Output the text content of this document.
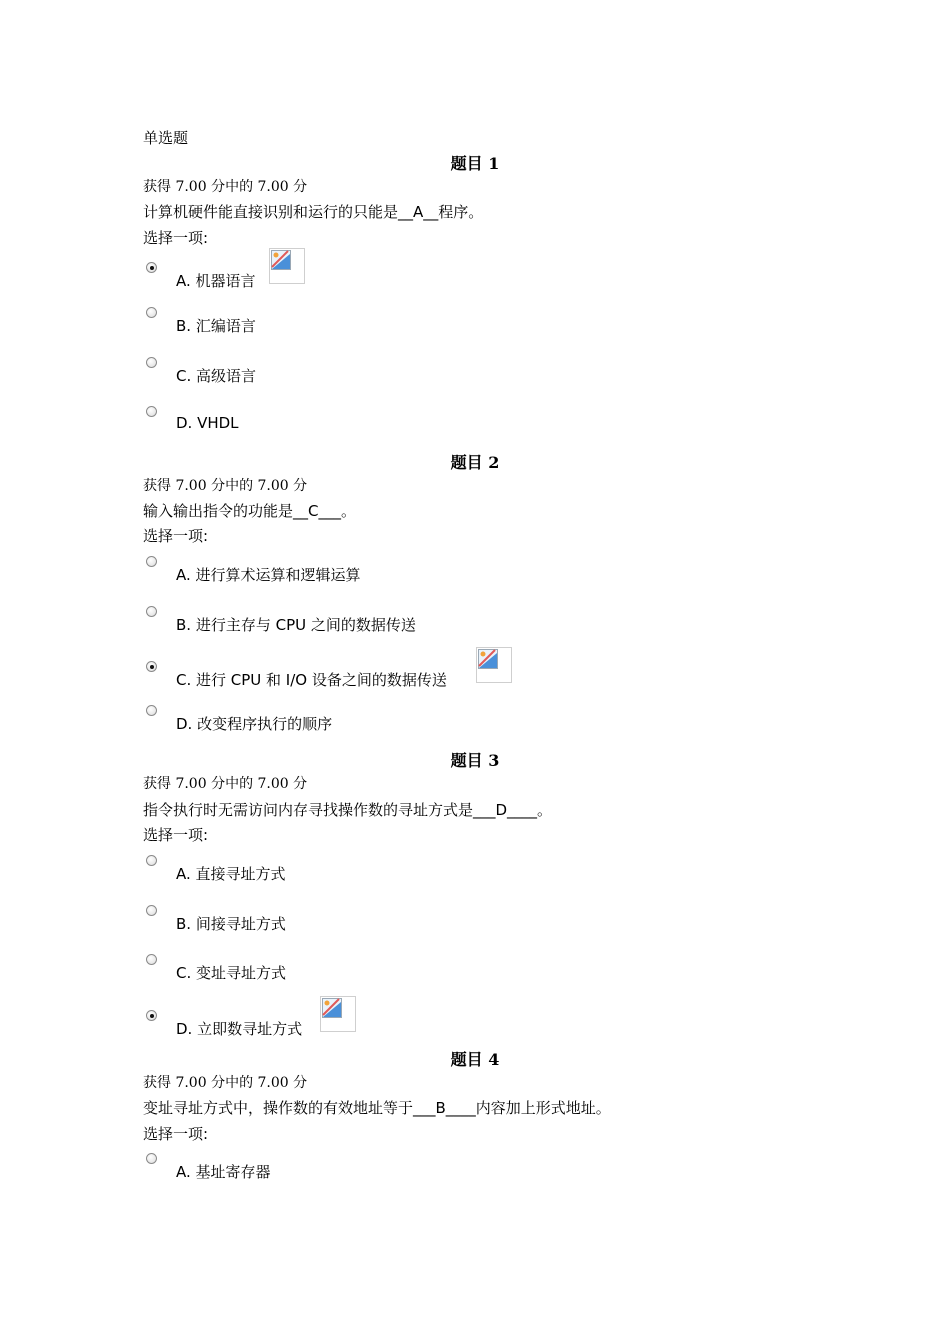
单选题
题目 1
获得 7.00 分中的 7.00 分
计算机硬件能直接识别和运行的只能是__A__程序。
选择一项:
A. 机器语言
B. 汇编语言
C. 高级语言
D. VHDL
题目 2
获得 7.00 分中的 7.00 分
输入输出指令的功能是__C___。
选择一项:
A. 进行算术运算和逻辑运算
B. 进行主存与 CPU 之间的数据传送
C. 进行 CPU 和 I/O 设备之间的数据传送
D. 改变程序执行的顺序
题目 3
获得 7.00 分中的 7.00 分
指令执行时无需访问内存寻找操作数的寻址方式是___D____。
选择一项:
A. 直接寻址方式
B. 间接寻址方式
C. 变址寻址方式
D. 立即数寻址方式
题目 4
获得 7.00 分中的 7.00 分
变址寻址方式中，操作数的有效地址等于___B____内容加上形式地址。
选择一项:
A. 基址寄存器
